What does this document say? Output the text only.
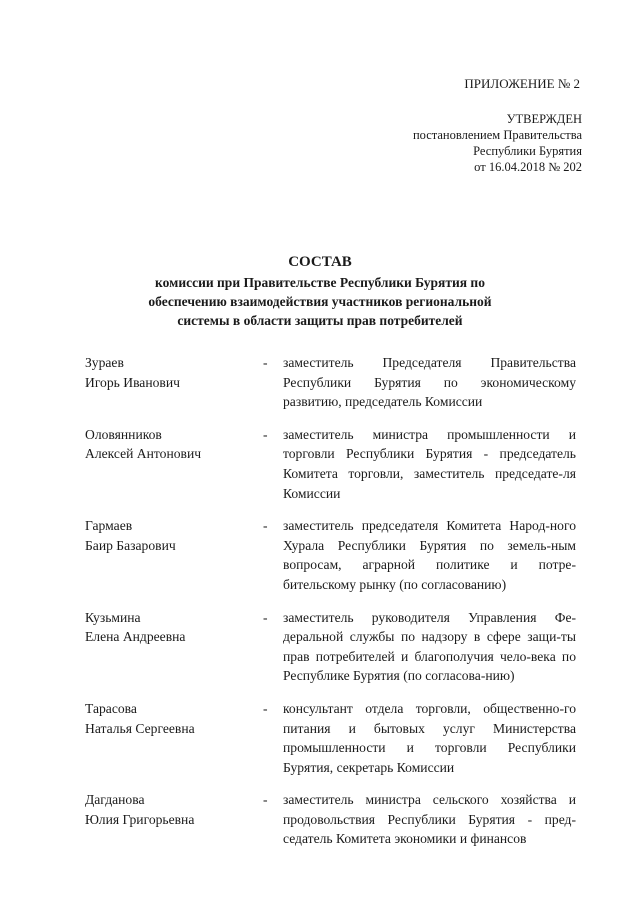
ПРИЛОЖЕНИЕ № 2
УТВЕРЖДЕН
постановлением Правительства
Республики Бурятия
от 16.04.2018 № 202
СОСТАВ
комиссии при Правительстве Республики Бурятия по
обеспечению взаимодействия участников региональной
системы в области защиты прав потребителей
Зураев
Игорь Иванович
-	заместитель Председателя Правительства Республики Бурятия по экономическому развитию, председатель Комиссии
Оловянников
Алексей Антонович
-	заместитель министра промышленности и торговли Республики Бурятия - председатель Комитета торговли, заместитель председате-ля Комиссии
Гармаев
Баир Базарович
-	заместитель председателя Комитета Народ-ного Хурала Республики Бурятия по земель-ным вопросам, аграрной политике и потре-бительскому рынку (по согласованию)
Кузьмина
Елена Андреевна
-	заместитель руководителя Управления Фе-деральной службы по надзору в сфере защи-ты прав потребителей и благополучия чело-века по Республике Бурятия (по согласова-нию)
Тарасова
Наталья Сергеевна
-	консультант отдела торговли, общественно-го питания и бытовых услуг Министерства промышленности и торговли Республики Бурятия, секретарь Комиссии
Дагданова
Юлия Григорьевна
-	заместитель министра сельского хозяйства и продовольствия Республики Бурятия - пред-седатель Комитета экономики и финансов
